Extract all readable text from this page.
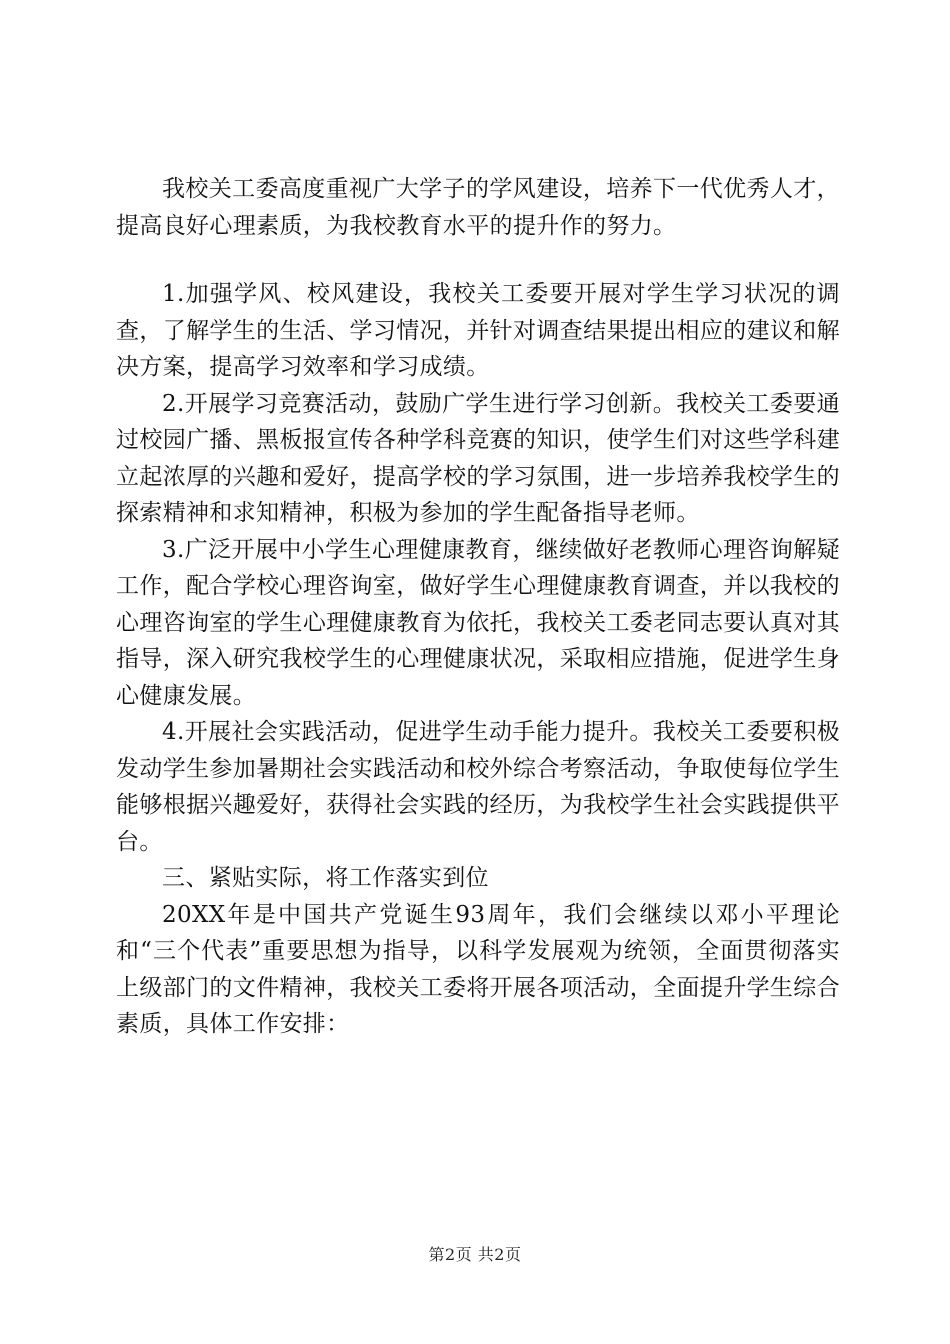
我校关工委高度重视广大学子的学风建设，培养下一代优秀人才，提高良好心理素质，为我校教育水平的提升作的努力。

1.加强学风、校风建设，我校关工委要开展对学生学习状况的调查，了解学生的生活、学习情况，并针对调查结果提出相应的建议和解决方案，提高学习效率和学习成绩。

2.开展学习竞赛活动，鼓励广学生进行学习创新。我校关工委要通过校园广播、黑板报宣传各种学科竞赛的知识，使学生们对这些学科建立起浓厚的兴趣和爱好，提高学校的学习氛围，进一步培养我校学生的探索精神和求知精神，积极为参加的学生配备指导老师。

3.广泛开展中小学生心理健康教育，继续做好老教师心理咨询解疑工作，配合学校心理咨询室，做好学生心理健康教育调查，并以我校的心理咨询室的学生心理健康教育为依托，我校关工委老同志要认真对其指导，深入研究我校学生的心理健康状况，采取相应措施，促进学生身心健康发展。

4.开展社会实践活动，促进学生动手能力提升。我校关工委要积极发动学生参加暑期社会实践活动和校外综合考察活动，争取使每位学生能够根据兴趣爱好，获得社会实践的经历，为我校学生社会实践提供平台。

三、紧贴实际，将工作落实到位

20XX年是中国共产党诞生93周年，我们会继续以邓小平理论和“三个代表”重要思想为指导，以科学发展观为统领，全面贯彻落实上级部门的文件精神，我校关工委将开展各项活动，全面提升学生综合素质，具体工作安排：

第2页 共2页
